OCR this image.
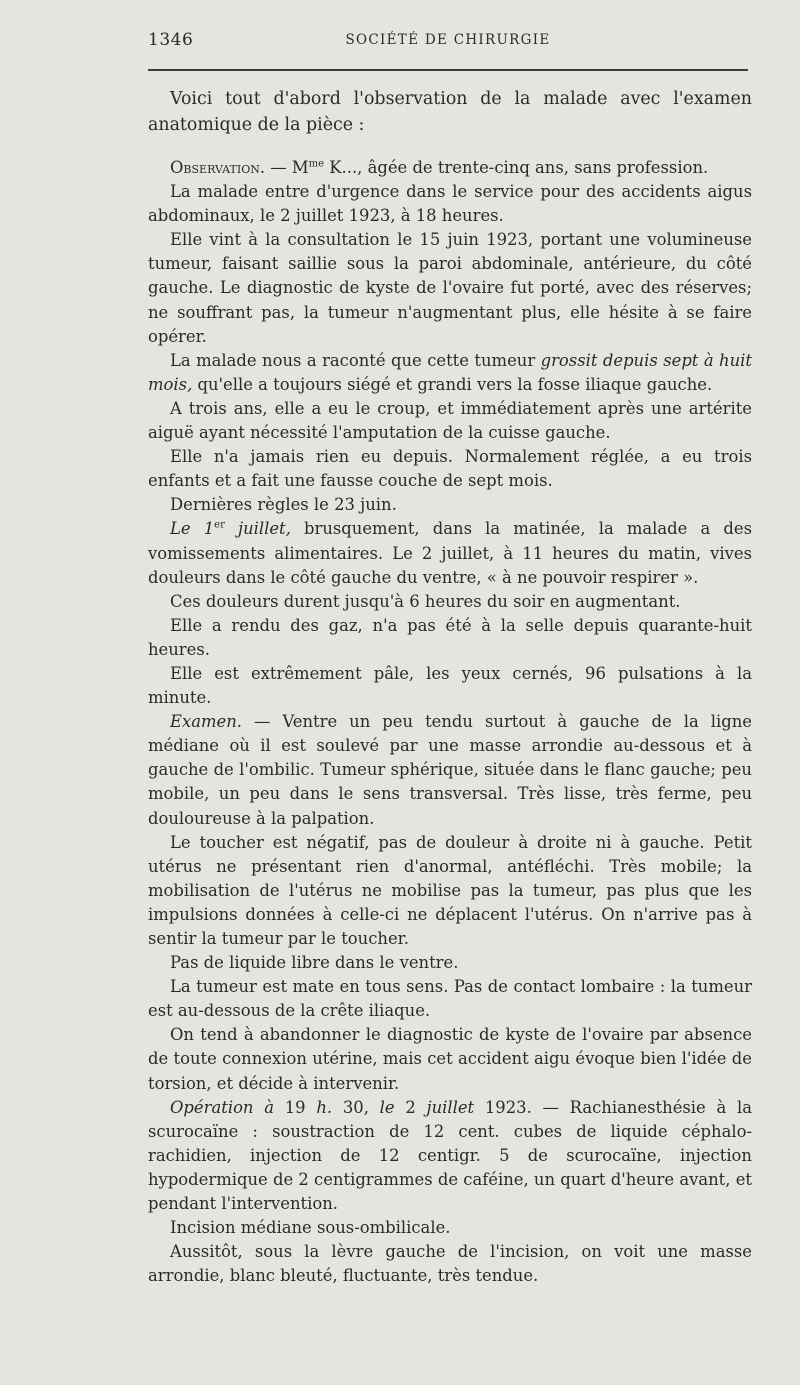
1346	SOCIÉTÉ DE CHIRURGIE

Voici tout d'abord l'observation de la malade avec l'examen anatomique de la pièce :

Observation. — $M^{me}$ K..., âgée de trente-cinq ans, sans profession.

La malade entre d'urgence dans le service pour des accidents aigus abdominaux, le 2 juillet 1923, à 18 heures.

Elle vint à la consultation le 15 juin 1923, portant une volumineuse tumeur, faisant saillie sous la paroi abdominale, antérieure, du côté gauche. Le diagnostic de kyste de l'ovaire fut porté, avec des réserves; ne souffrant pas, la tumeur n'augmentant plus, elle hésite à se faire opérer.

La malade nous a raconté que cette tumeur grossit depuis sept à huit mois, qu'elle a toujours siégé et grandi vers la fosse iliaque gauche.

A trois ans, elle a eu le croup, et immédiatement après une artérite aiguë ayant nécessité l'amputation de la cuisse gauche.

Elle n'a jamais rien eu depuis. Normalement réglée, a eu trois enfants et a fait une fausse couche de sept mois.

Dernières règles le 23 juin.

Le 1er juillet, brusquement, dans la matinée, la malade a des vomissements alimentaires. Le 2 juillet, à 11 heures du matin, vives douleurs dans le côté gauche du ventre, « à ne pouvoir respirer ».

Ces douleurs durent jusqu'à 6 heures du soir en augmentant.

Elle a rendu des gaz, n'a pas été à la selle depuis quarante-huit heures.

Elle est extrêmement pâle, les yeux cernés, 96 pulsations à la minute.

Examen. — Ventre un peu tendu surtout à gauche de la ligne médiane où il est soulevé par une masse arrondie au-dessous et à gauche de l'ombilic. Tumeur sphérique, située dans le flanc gauche; peu mobile, un peu dans le sens transversal. Très lisse, très ferme, peu douloureuse à la palpation.

Le toucher est négatif, pas de douleur à droite ni à gauche. Petit utérus ne présentant rien d'anormal, antéfléchi. Très mobile; la mobilisation de l'utérus ne mobilise pas la tumeur, pas plus que les impulsions données à celle-ci ne déplacent l'utérus. On n'arrive pas à sentir la tumeur par le toucher.

Pas de liquide libre dans le ventre.

La tumeur est mate en tous sens. Pas de contact lombaire : la tumeur est au-dessous de la crête iliaque.

On tend à abandonner le diagnostic de kyste de l'ovaire par absence de toute connexion utérine, mais cet accident aigu évoque bien l'idée de torsion, et décide à intervenir.

Opération à 19 h. 30, le 2 juillet 1923. — Rachianesthésie à la scurocaïne : soustraction de 12 cent. cubes de liquide céphalo-rachidien, injection de 12 centigr. 5 de scurocaïne, injection hypodermique de 2 centigrammes de caféine, un quart d'heure avant, et pendant l'intervention.

Incision médiane sous-ombilicale.

Aussitôt, sous la lèvre gauche de l'incision, on voit une masse arrondie, blanc bleuté, fluctuante, très tendue.
